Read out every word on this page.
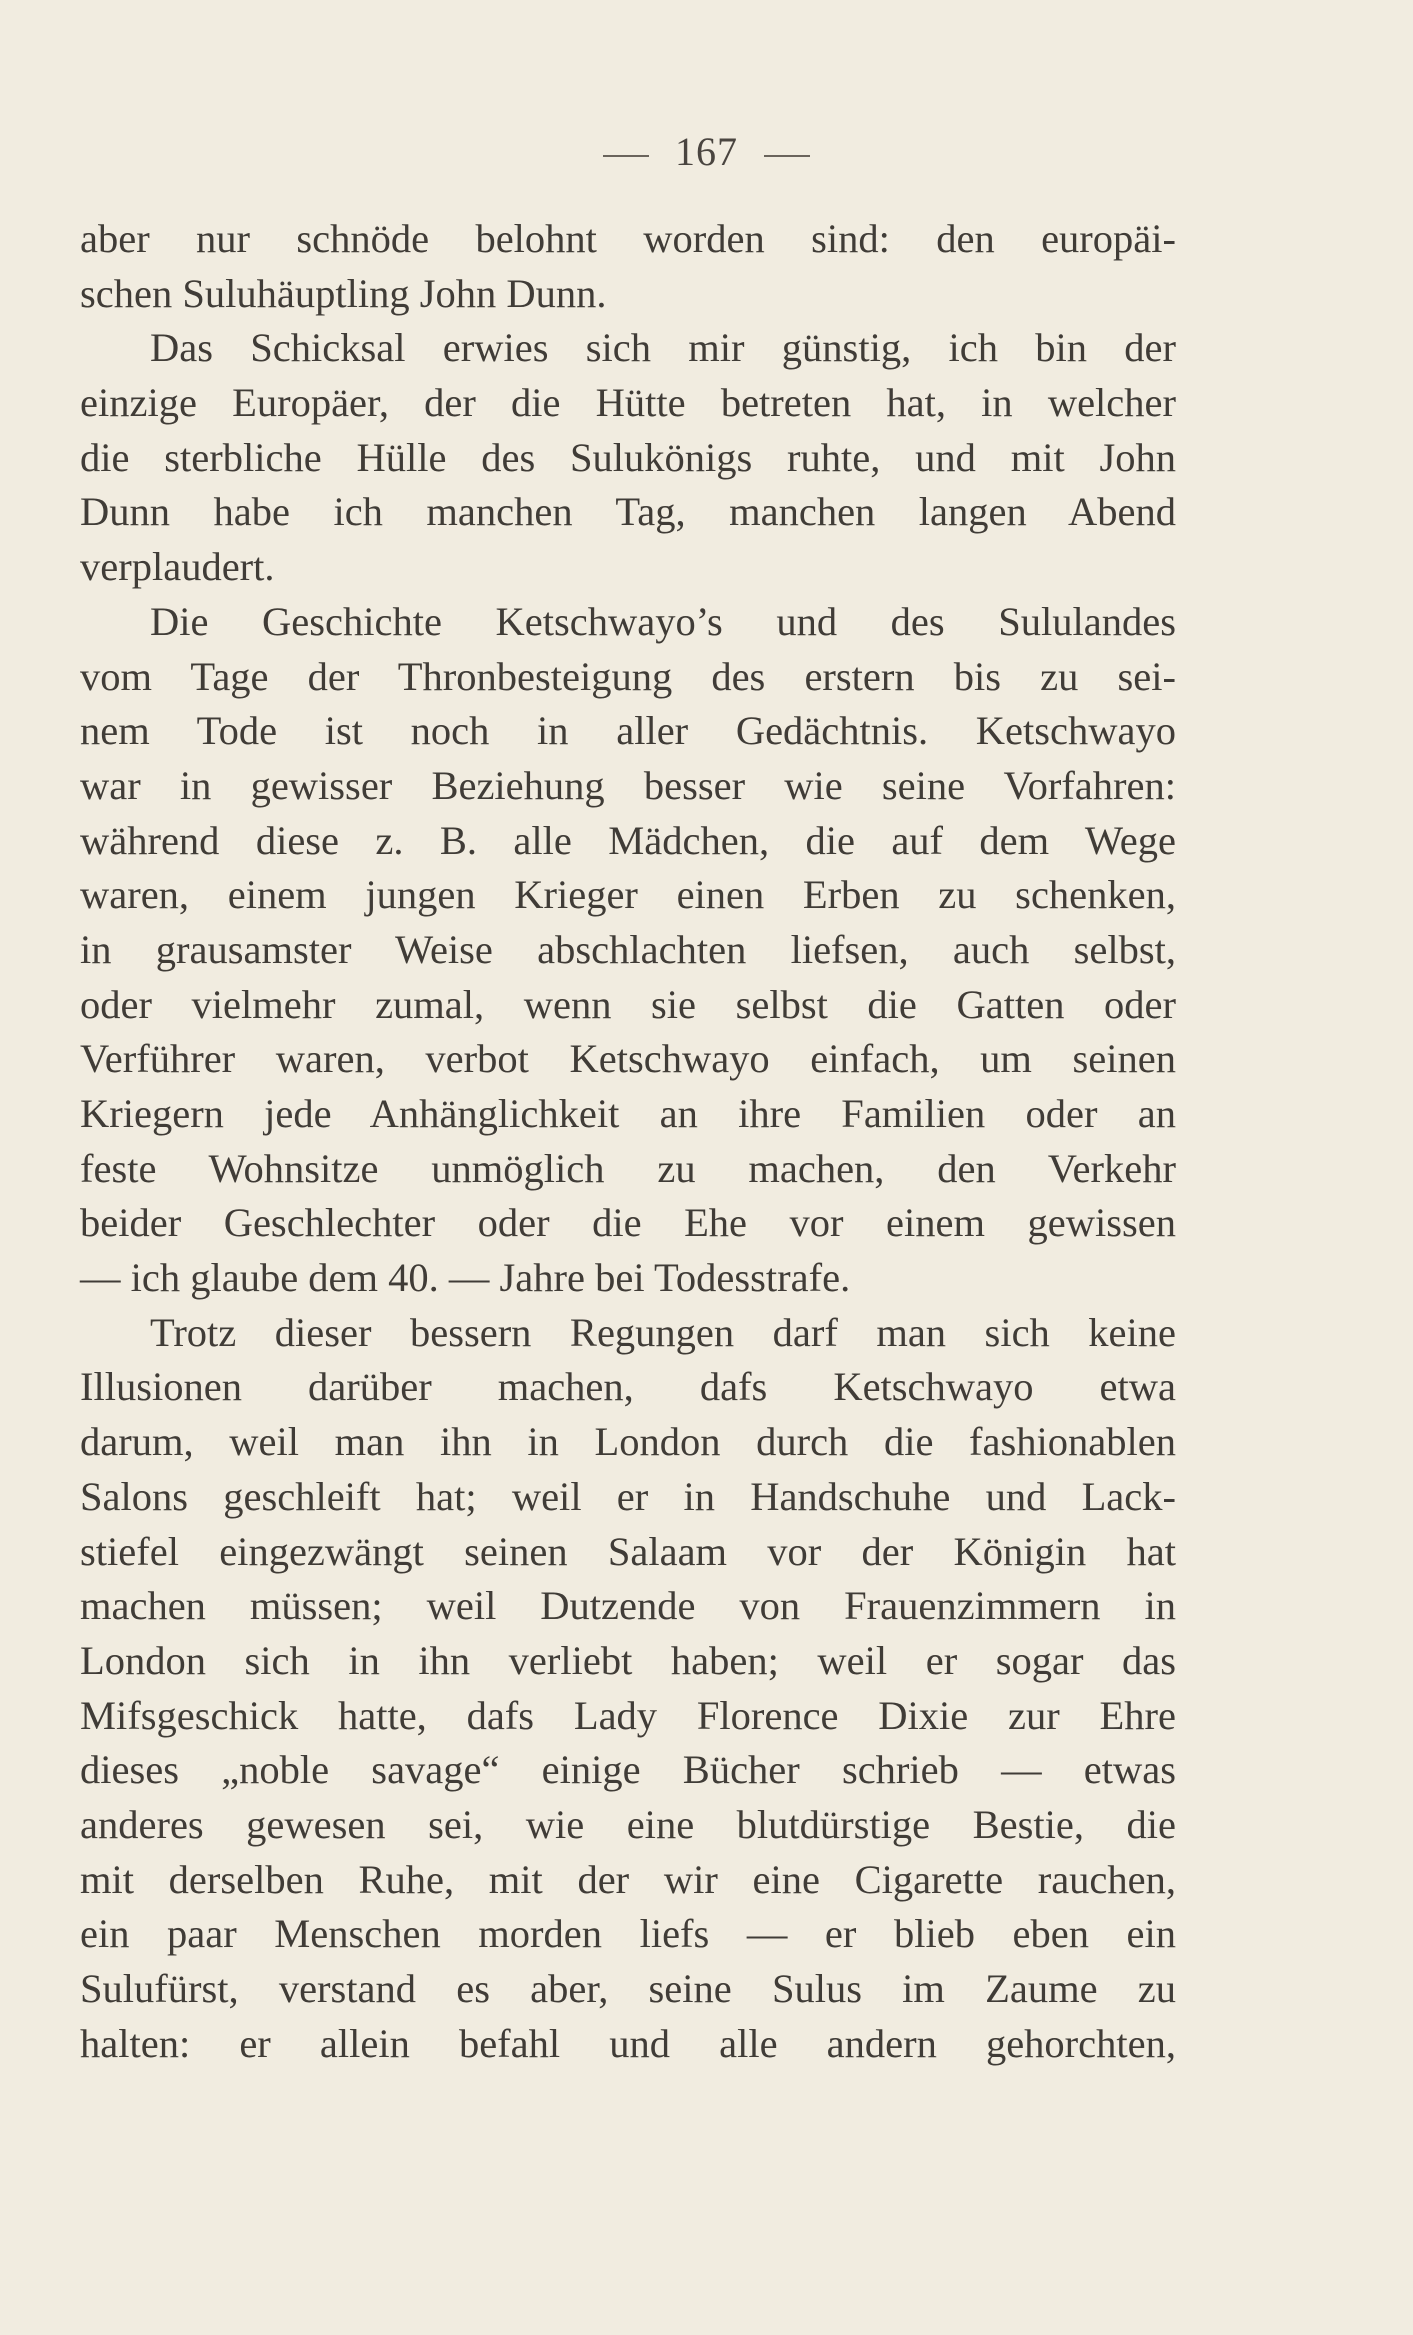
167
aber nur schnöde belohnt worden sind: den europäi-
schen Suluhäuptling John Dunn.
Das Schicksal erwies sich mir günstig, ich bin der
einzige Europäer, der die Hütte betreten hat, in welcher
die sterbliche Hülle des Sulukönigs ruhte, und mit John
Dunn habe ich manchen Tag, manchen langen Abend
verplaudert.
Die Geschichte Ketschwayo’s und des Sululandes
vom Tage der Thronbesteigung des erstern bis zu sei-
nem Tode ist noch in aller Gedächtnis. Ketschwayo
war in gewisser Beziehung besser wie seine Vorfahren:
während diese z. B. alle Mädchen, die auf dem Wege
waren, einem jungen Krieger einen Erben zu schenken,
in grausamster Weise abschlachten liefsen, auch selbst,
oder vielmehr zumal, wenn sie selbst die Gatten oder
Verführer waren, verbot Ketschwayo einfach, um seinen
Kriegern jede Anhänglichkeit an ihre Familien oder an
feste Wohnsitze unmöglich zu machen, den Verkehr
beider Geschlechter oder die Ehe vor einem gewissen
— ich glaube dem 40. — Jahre bei Todesstrafe.
Trotz dieser bessern Regungen darf man sich keine
Illusionen darüber machen, dafs Ketschwayo etwa
darum, weil man ihn in London durch die fashionablen
Salons geschleift hat; weil er in Handschuhe und Lack-
stiefel eingezwängt seinen Salaam vor der Königin hat
machen müssen; weil Dutzende von Frauenzimmern in
London sich in ihn verliebt haben; weil er sogar das
Mifsgeschick hatte, dafs Lady Florence Dixie zur Ehre
dieses „noble savage“ einige Bücher schrieb — etwas
anderes gewesen sei, wie eine blutdürstige Bestie, die
mit derselben Ruhe, mit der wir eine Cigarette rauchen,
ein paar Menschen morden liefs — er blieb eben ein
Sulufürst, verstand es aber, seine Sulus im Zaume zu
halten: er allein befahl und alle andern gehorchten,
